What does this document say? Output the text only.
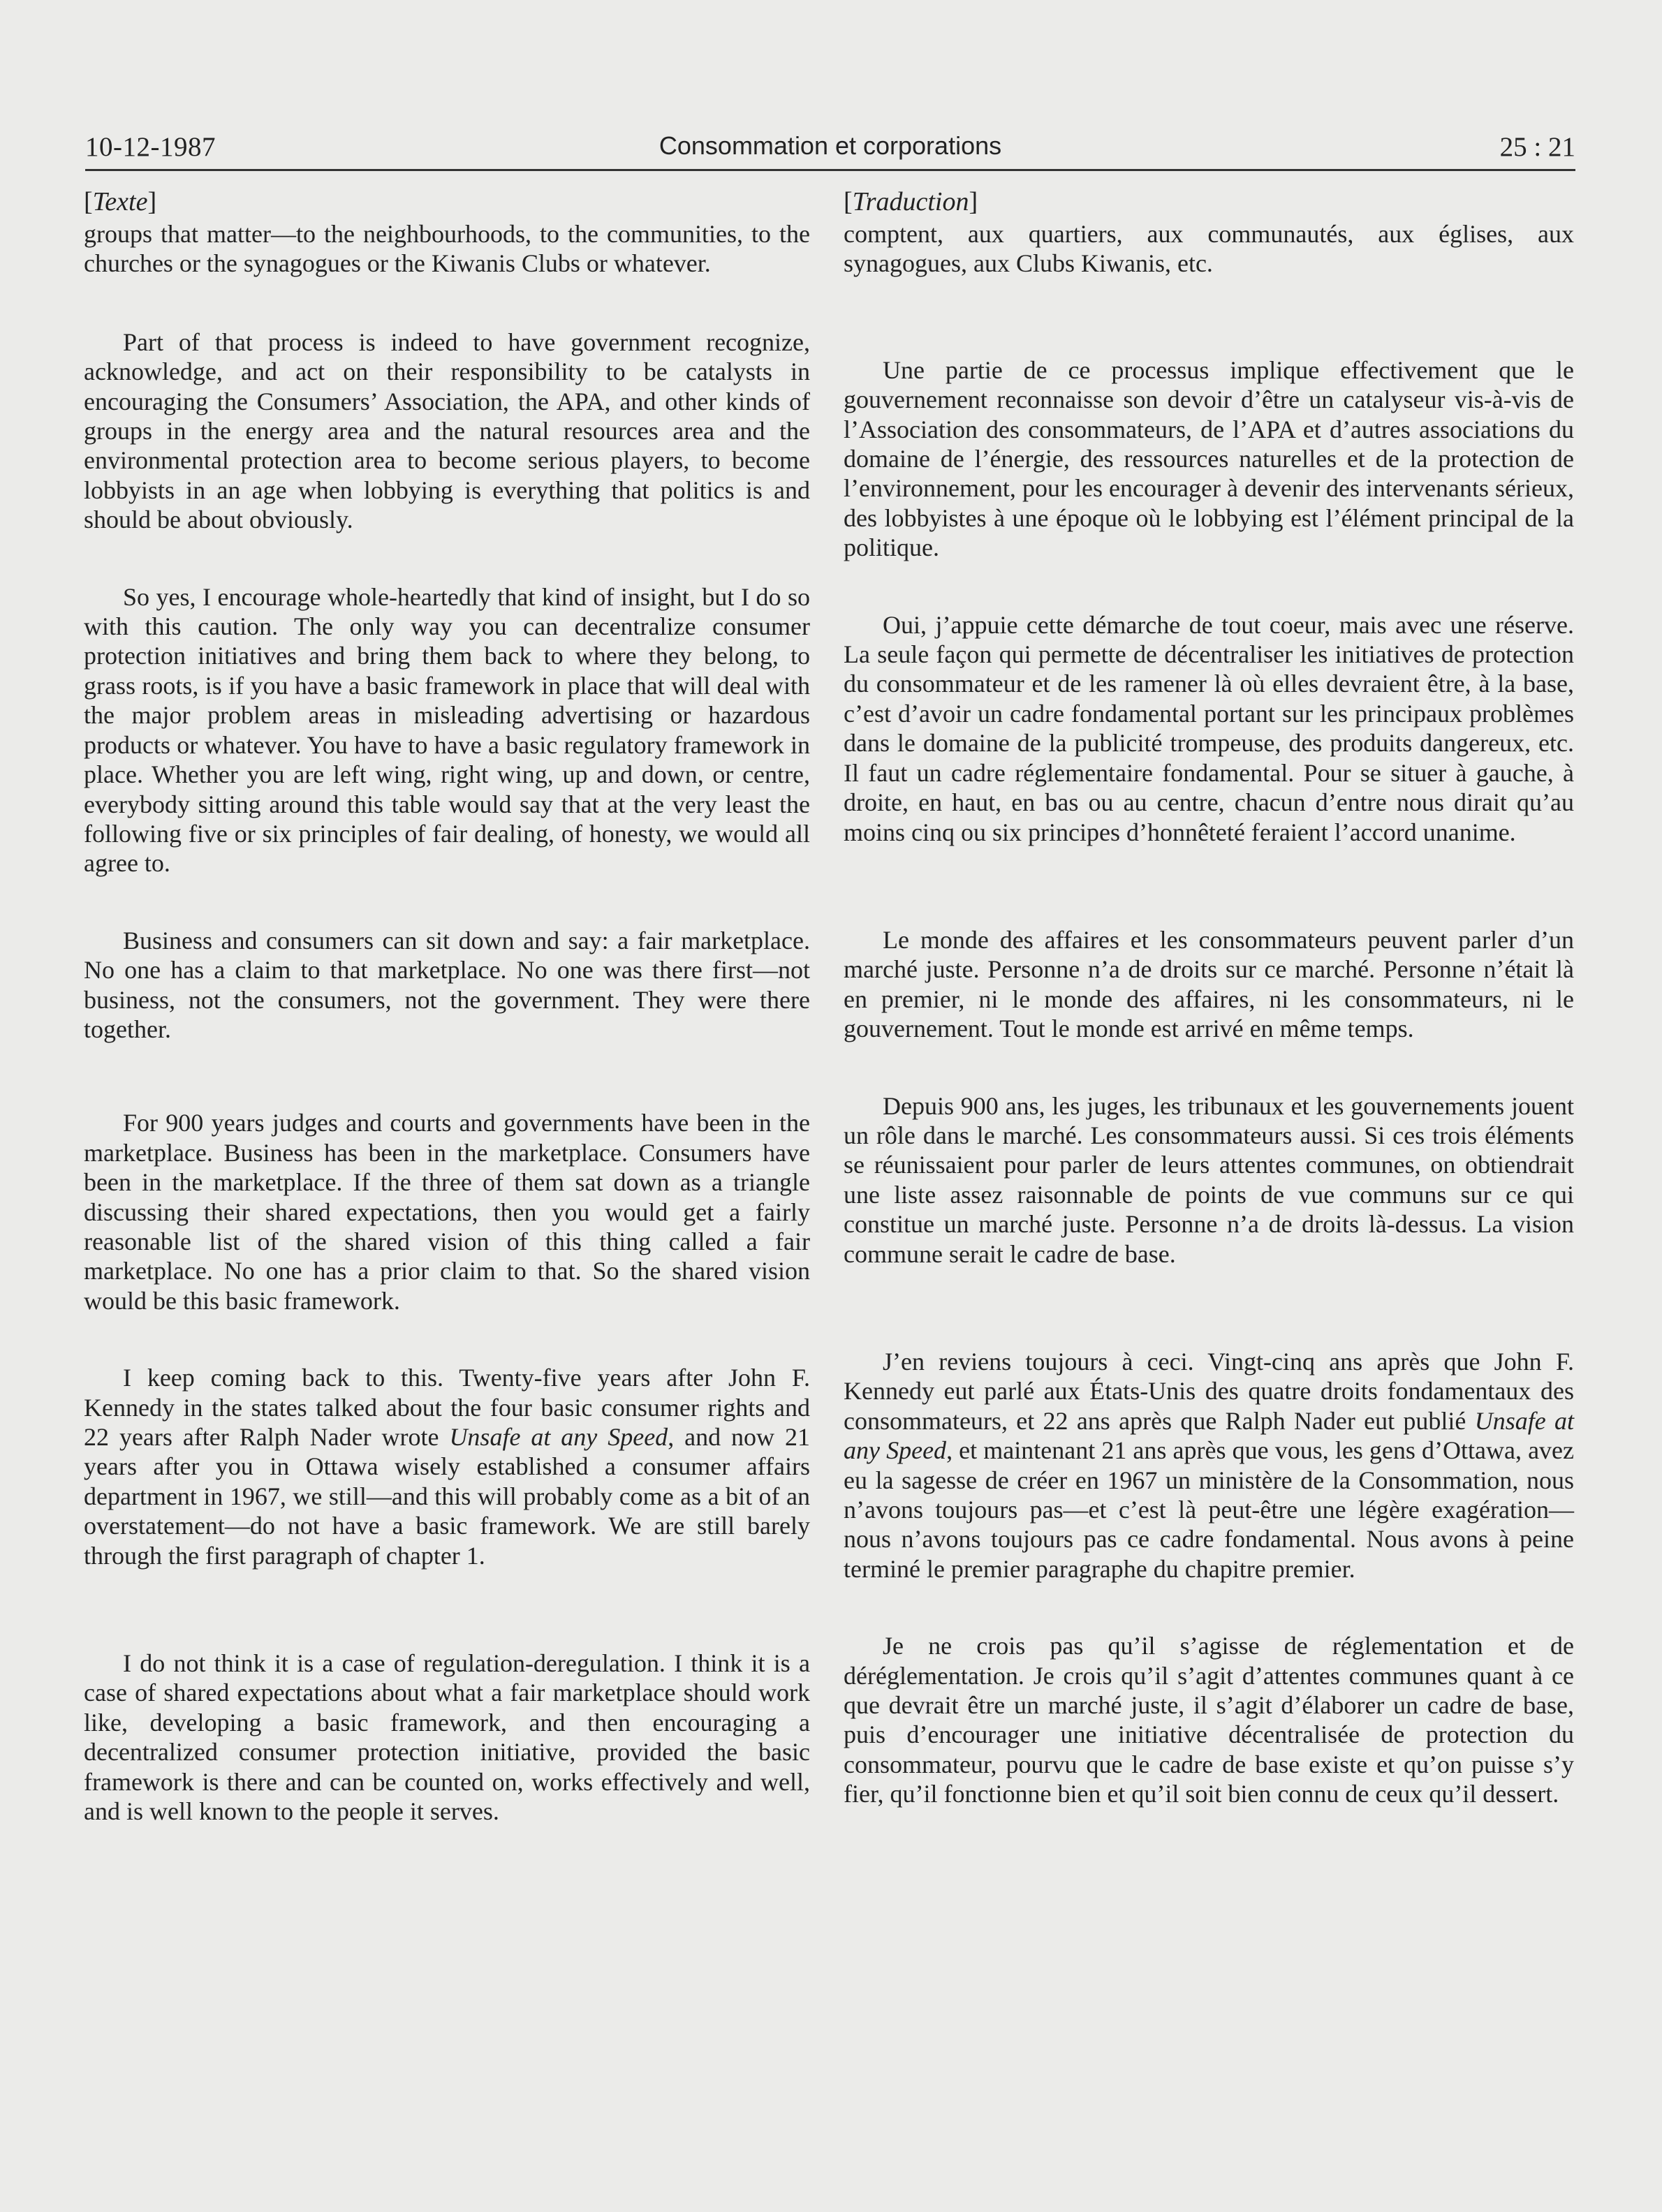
10-12-1987	Consommation et corporations	25 : 21
[Texte]

groups that matter—to the neighbourhoods, to the communities, to the churches or the synagogues or the Kiwanis Clubs or whatever.

Part of that process is indeed to have government recognize, acknowledge, and act on their responsibility to be catalysts in encouraging the Consumers’ Association, the APA, and other kinds of groups in the energy area and the natural resources area and the environmental protection area to become serious players, to become lobbyists in an age when lobbying is everything that politics is and should be about obviously.

So yes, I encourage whole-heartedly that kind of insight, but I do so with this caution. The only way you can decentralize consumer protection initiatives and bring them back to where they belong, to grass roots, is if you have a basic framework in place that will deal with the major problem areas in misleading advertising or hazardous products or whatever. You have to have a basic regulatory framework in place. Whether you are left wing, right wing, up and down, or centre, everybody sitting around this table would say that at the very least the following five or six principles of fair dealing, of honesty, we would all agree to.

Business and consumers can sit down and say: a fair marketplace. No one has a claim to that marketplace. No one was there first—not business, not the consumers, not the government. They were there together.

For 900 years judges and courts and governments have been in the marketplace. Business has been in the marketplace. Consumers have been in the marketplace. If the three of them sat down as a triangle discussing their shared expectations, then you would get a fairly reasonable list of the shared vision of this thing called a fair marketplace. No one has a prior claim to that. So the shared vision would be this basic framework.

I keep coming back to this. Twenty-five years after John F. Kennedy in the states talked about the four basic consumer rights and 22 years after Ralph Nader wrote Unsafe at any Speed, and now 21 years after you in Ottawa wisely established a consumer affairs department in 1967, we still—and this will probably come as a bit of an overstatement—do not have a basic framework. We are still barely through the first paragraph of chapter 1.

I do not think it is a case of regulation-deregulation. I think it is a case of shared expectations about what a fair marketplace should work like, developing a basic framework, and then encouraging a decentralized consumer protection initiative, provided the basic framework is there and can be counted on, works effectively and well, and is well known to the people it serves.

[Traduction]

comptent, aux quartiers, aux communautés, aux églises, aux synagogues, aux Clubs Kiwanis, etc.

Une partie de ce processus implique effectivement que le gouvernement reconnaisse son devoir d’être un catalyseur vis-à-vis de l’Association des consommateurs, de l’APA et d’autres associations du domaine de l’énergie, des ressources naturelles et de la protection de l’environnement, pour les encourager à devenir des intervenants sérieux, des lobbyistes à une époque où le lobbying est l’élément principal de la politique.

Oui, j’appuie cette démarche de tout coeur, mais avec une réserve. La seule façon qui permette de décentraliser les initiatives de protection du consommateur et de les ramener là où elles devraient être, à la base, c’est d’avoir un cadre fondamental portant sur les principaux problèmes dans le domaine de la publicité trompeuse, des produits dangereux, etc. Il faut un cadre réglementaire fondamental. Pour se situer à gauche, à droite, en haut, en bas ou au centre, chacun d’entre nous dirait qu’au moins cinq ou six principes d’honnêteté feraient l’accord unanime.

Le monde des affaires et les consommateurs peuvent parler d’un marché juste. Personne n’a de droits sur ce marché. Personne n’était là en premier, ni le monde des affaires, ni les consommateurs, ni le gouvernement. Tout le monde est arrivé en même temps.

Depuis 900 ans, les juges, les tribunaux et les gouvernements jouent un rôle dans le marché. Les consommateurs aussi. Si ces trois éléments se réunissaient pour parler de leurs attentes communes, on obtiendrait une liste assez raisonnable de points de vue communs sur ce qui constitue un marché juste. Personne n’a de droits là-dessus. La vision commune serait le cadre de base.

J’en reviens toujours à ceci. Vingt-cinq ans après que John F. Kennedy eut parlé aux États-Unis des quatre droits fondamentaux des consommateurs, et 22 ans après que Ralph Nader eut publié Unsafe at any Speed, et maintenant 21 ans après que vous, les gens d’Ottawa, avez eu la sagesse de créer en 1967 un ministère de la Consommation, nous n’avons toujours pas—et c’est là peut-être une légère exagération—nous n’avons toujours pas ce cadre fondamental. Nous avons à peine terminé le premier paragraphe du chapitre premier.

Je ne crois pas qu’il s’agisse de réglementation et de déréglementation. Je crois qu’il s’agit d’attentes communes quant à ce que devrait être un marché juste, il s’agit d’élaborer un cadre de base, puis d’encourager une initiative décentralisée de protection du consommateur, pourvu que le cadre de base existe et qu’on puisse s’y fier, qu’il fonctionne bien et qu’il soit bien connu de ceux qu’il dessert.
